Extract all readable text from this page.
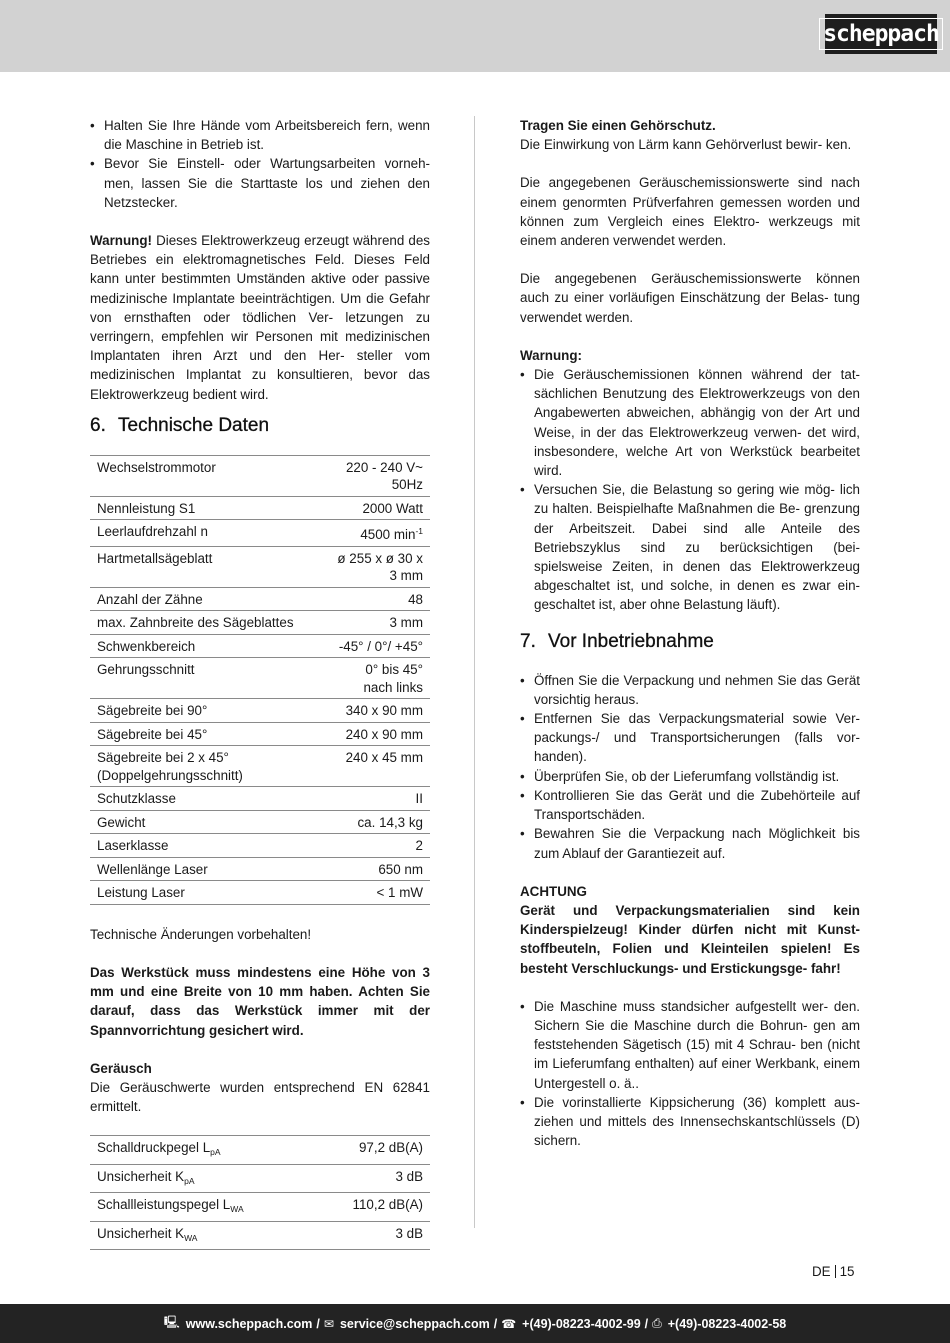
scheppach
• Halten Sie Ihre Hände vom Arbeitsbereich fern, wenn die Maschine in Betrieb ist.
• Bevor Sie Einstell- oder Wartungsarbeiten vorneh- men, lassen Sie die Starttaste los und ziehen den Netzstecker.

Warnung! Dieses Elektrowerkzeug erzeugt während des Betriebes ein elektromagnetisches Feld. Dieses Feld kann unter bestimmten Umständen aktive oder passive medizinische Implantate beeinträchtigen. Um die Gefahr von ernsthaften oder tödlichen Ver- letzungen zu verringern, empfehlen wir Personen mit medizinischen Implantaten ihren Arzt und den Her- steller vom medizinischen Implantat zu konsultieren, bevor das Elektrowerkzeug bedient wird.

6. Technische Daten
Wechselstrommotor	220 - 240 V~ 50Hz
Nennleistung S1	2000 Watt
Leerlaufdrehzahl n	4500 $\min^{-1}$
Hartmetallsägeblatt	ø 255 x ø 30 x 3 mm
Anzahl der Zähne	48
max. Zahnbreite des Sägeblattes	3 mm
Schwenkbereich	-45° / 0°/ +45°
Gehrungsschnitt	0° bis 45° nach links
Sägebreite bei 90°	340 x 90 mm
Sägebreite bei 45°	240 x 90 mm
Sägebreite bei 2 x 45° (Doppelgehrungsschnitt)	240 x 45 mm
Schutzklasse	II
Gewicht	ca. 14,3 kg
Laserklasse	2
Wellenlänge Laser	650 nm
Leistung Laser	< 1 mW

Technische Änderungen vorbehalten!

Das Werkstück muss mindestens eine Höhe von 3 mm und eine Breite von 10 mm haben. Achten Sie darauf, dass das Werkstück immer mit der Spannvorrichtung gesichert wird.

Geräusch

Die Geräuschwerte wurden entsprechend EN 62841 ermittelt.

Schalldruckpegel $L_{pA}$	97,2 dB(A)
Unsicherheit $K_{pA}$	3 dB
Schallleistungspegel $L_{WA}$	110,2 dB(A)
Unsicherheit $K_{WA}$	3 dB

Tragen Sie einen Gehörschutz.

Die Einwirkung von Lärm kann Gehörverlust bewir- ken.

Die angegebenen Geräuschemissionswerte sind nach einem genormten Prüfverfahren gemessen worden und können zum Vergleich eines Elektro- werkzeugs mit einem anderen verwendet werden.

Die angegebenen Geräuschemissionswerte können auch zu einer vorläufigen Einschätzung der Belas- tung verwendet werden.

Warnung:

• Die Geräuschemissionen können während der tat- sächlichen Benutzung des Elektrowerkzeugs von den Angabewerten abweichen, abhängig von der Art und Weise, in der das Elektrowerkzeug verwen- det wird, insbesondere, welche Art von Werkstück bearbeitet wird.
• Versuchen Sie, die Belastung so gering wie mög- lich zu halten. Beispielhafte Maßnahmen die Be- grenzung der Arbeitszeit. Dabei sind alle Anteile des Betriebszyklus sind zu berücksichtigen (bei- spielsweise Zeiten, in denen das Elektrowerkzeug abgeschaltet ist, und solche, in denen es zwar ein- geschaltet ist, aber ohne Belastung läuft).
7. Vor Inbetriebnahme
• Öffnen Sie die Verpackung und nehmen Sie das Gerät vorsichtig heraus.
• Entfernen Sie das Verpackungsmaterial sowie Ver- packungs-/ und Transportsicherungen (falls vor- handen).
• Überprüfen Sie, ob der Lieferumfang vollständig ist.
• Kontrollieren Sie das Gerät und die Zubehörteile auf Transportschäden.
• Bewahren Sie die Verpackung nach Möglichkeit bis zum Ablauf der Garantiezeit auf.

ACHTUNG

Gerät und Verpackungsmaterialien sind kein Kinderspielzeug! Kinder dürfen nicht mit Kunst- stoffbeuteln, Folien und Kleinteilen spielen! Es besteht Verschluckungs- und Erstickungsge- fahr!

• Die Maschine muss standsicher aufgestellt wer- den. Sichern Sie die Maschine durch die Bohrun- gen am feststehenden Sägetisch (15) mit 4 Schrau- ben (nicht im Lieferumfang enthalten) auf einer Werkbank, einem Untergestell o. ä..
• Die vorinstallierte Kippsicherung (36) komplett aus- ziehen und mittels des Innensechskantschlüssels (D) sichern.
DE 15
🖳 www.scheppach.com / ✉ service@scheppach.com / ☎ +(49)-08223-4002-99 / ⎙ +(49)-08223-4002-58
